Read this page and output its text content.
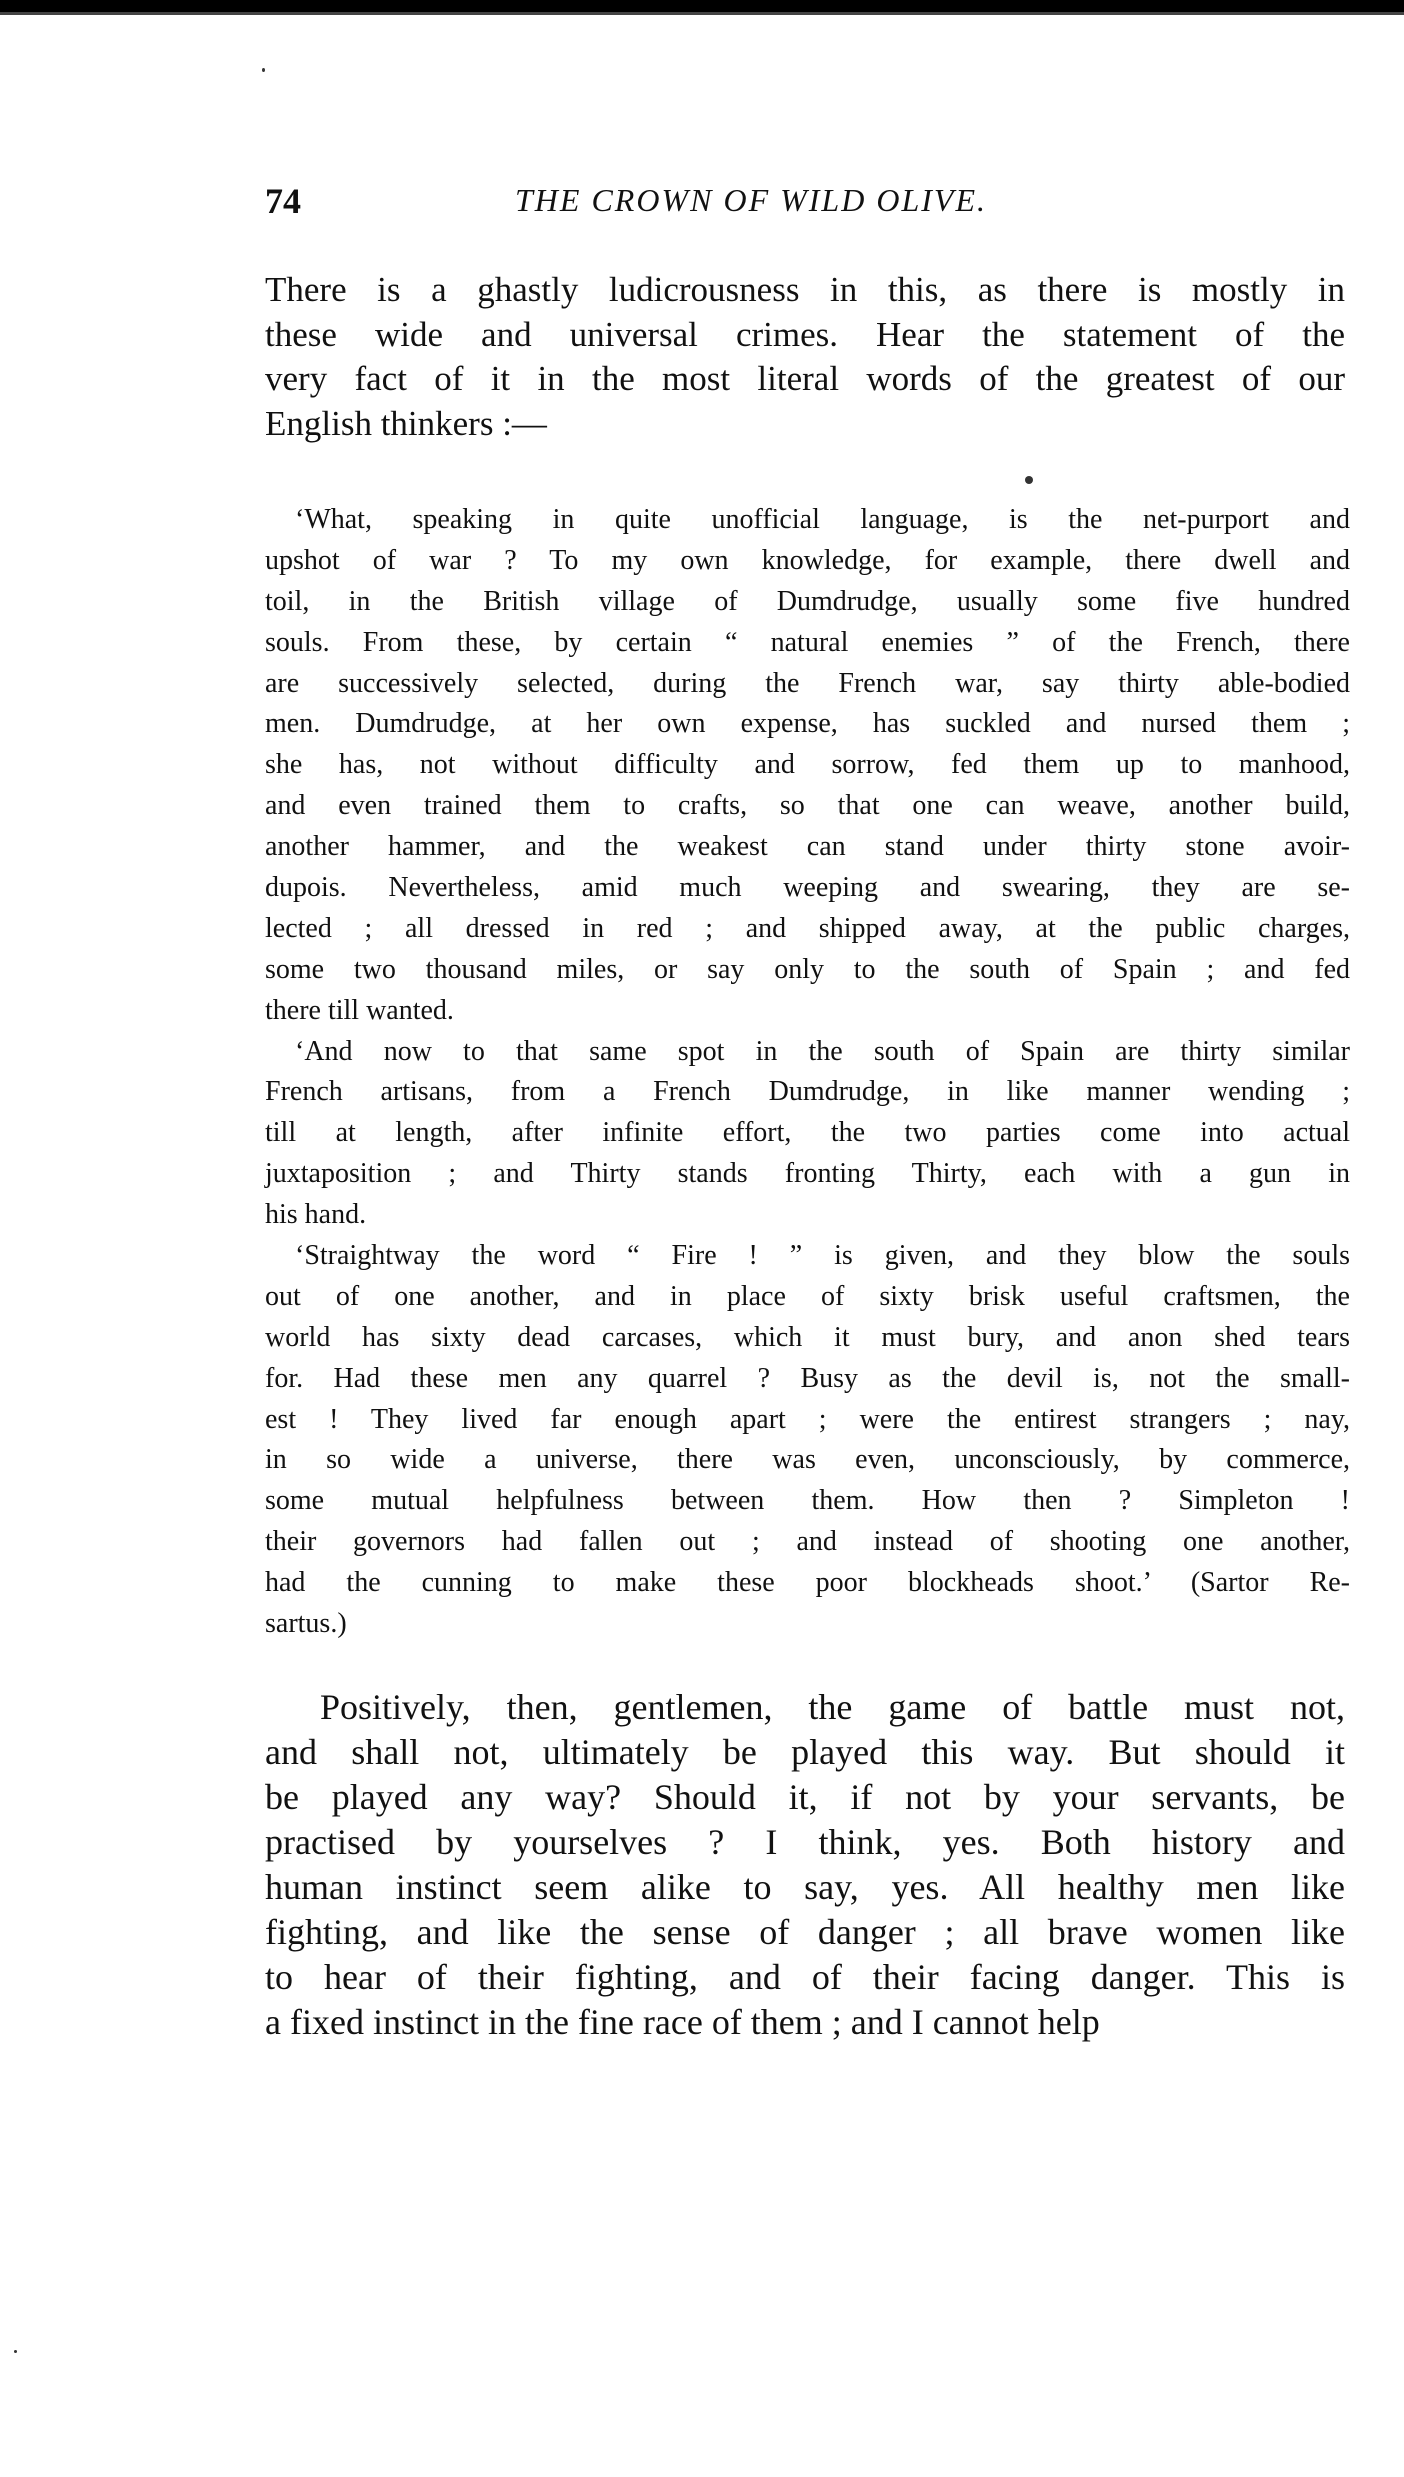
74	THE CROWN OF WILD OLIVE.
There is a ghastly ludicrousness in this, as there is mostly in
these wide and universal crimes. Hear the statement of the
very fact of it in the most literal words of the greatest of our
English thinkers :—
‘What, speaking in quite unofficial language, is the net-purport and
upshot of war ? To my own knowledge, for example, there dwell and
toil, in the British village of Dumdrudge, usually some five hundred
souls. From these, by certain “ natural enemies ” of the French, there
are successively selected, during the French war, say thirty able-bodied
men. Dumdrudge, at her own expense, has suckled and nursed them ;
she has, not without difficulty and sorrow, fed them up to manhood,
and even trained them to crafts, so that one can weave, another build,
another hammer, and the weakest can stand under thirty stone avoir-
dupois. Nevertheless, amid much weeping and swearing, they are se-
lected ; all dressed in red ; and shipped away, at the public charges,
some two thousand miles, or say only to the south of Spain ; and fed
there till wanted.
‘And now to that same spot in the south of Spain are thirty similar
French artisans, from a French Dumdrudge, in like manner wending ;
till at length, after infinite effort, the two parties come into actual
juxtaposition ; and Thirty stands fronting Thirty, each with a gun in
his hand.
‘Straightway the word “ Fire ! ” is given, and they blow the souls
out of one another, and in place of sixty brisk useful craftsmen, the
world has sixty dead carcases, which it must bury, and anon shed tears
for. Had these men any quarrel ? Busy as the devil is, not the small-
est ! They lived far enough apart ; were the entirest strangers ; nay,
in so wide a universe, there was even, unconsciously, by commerce,
some mutual helpfulness between them. How then ? Simpleton !
their governors had fallen out ; and instead of shooting one another,
had the cunning to make these poor blockheads shoot.’ (Sartor Re-
sartus.)
Positively, then, gentlemen, the game of battle must not,
and shall not, ultimately be played this way. But should it
be played any way? Should it, if not by your servants, be
practised by yourselves ? I think, yes. Both history and
human instinct seem alike to say, yes. All healthy men like
fighting, and like the sense of danger ; all brave women like
to hear of their fighting, and of their facing danger. This is
a fixed instinct in the fine race of them ; and I cannot help
